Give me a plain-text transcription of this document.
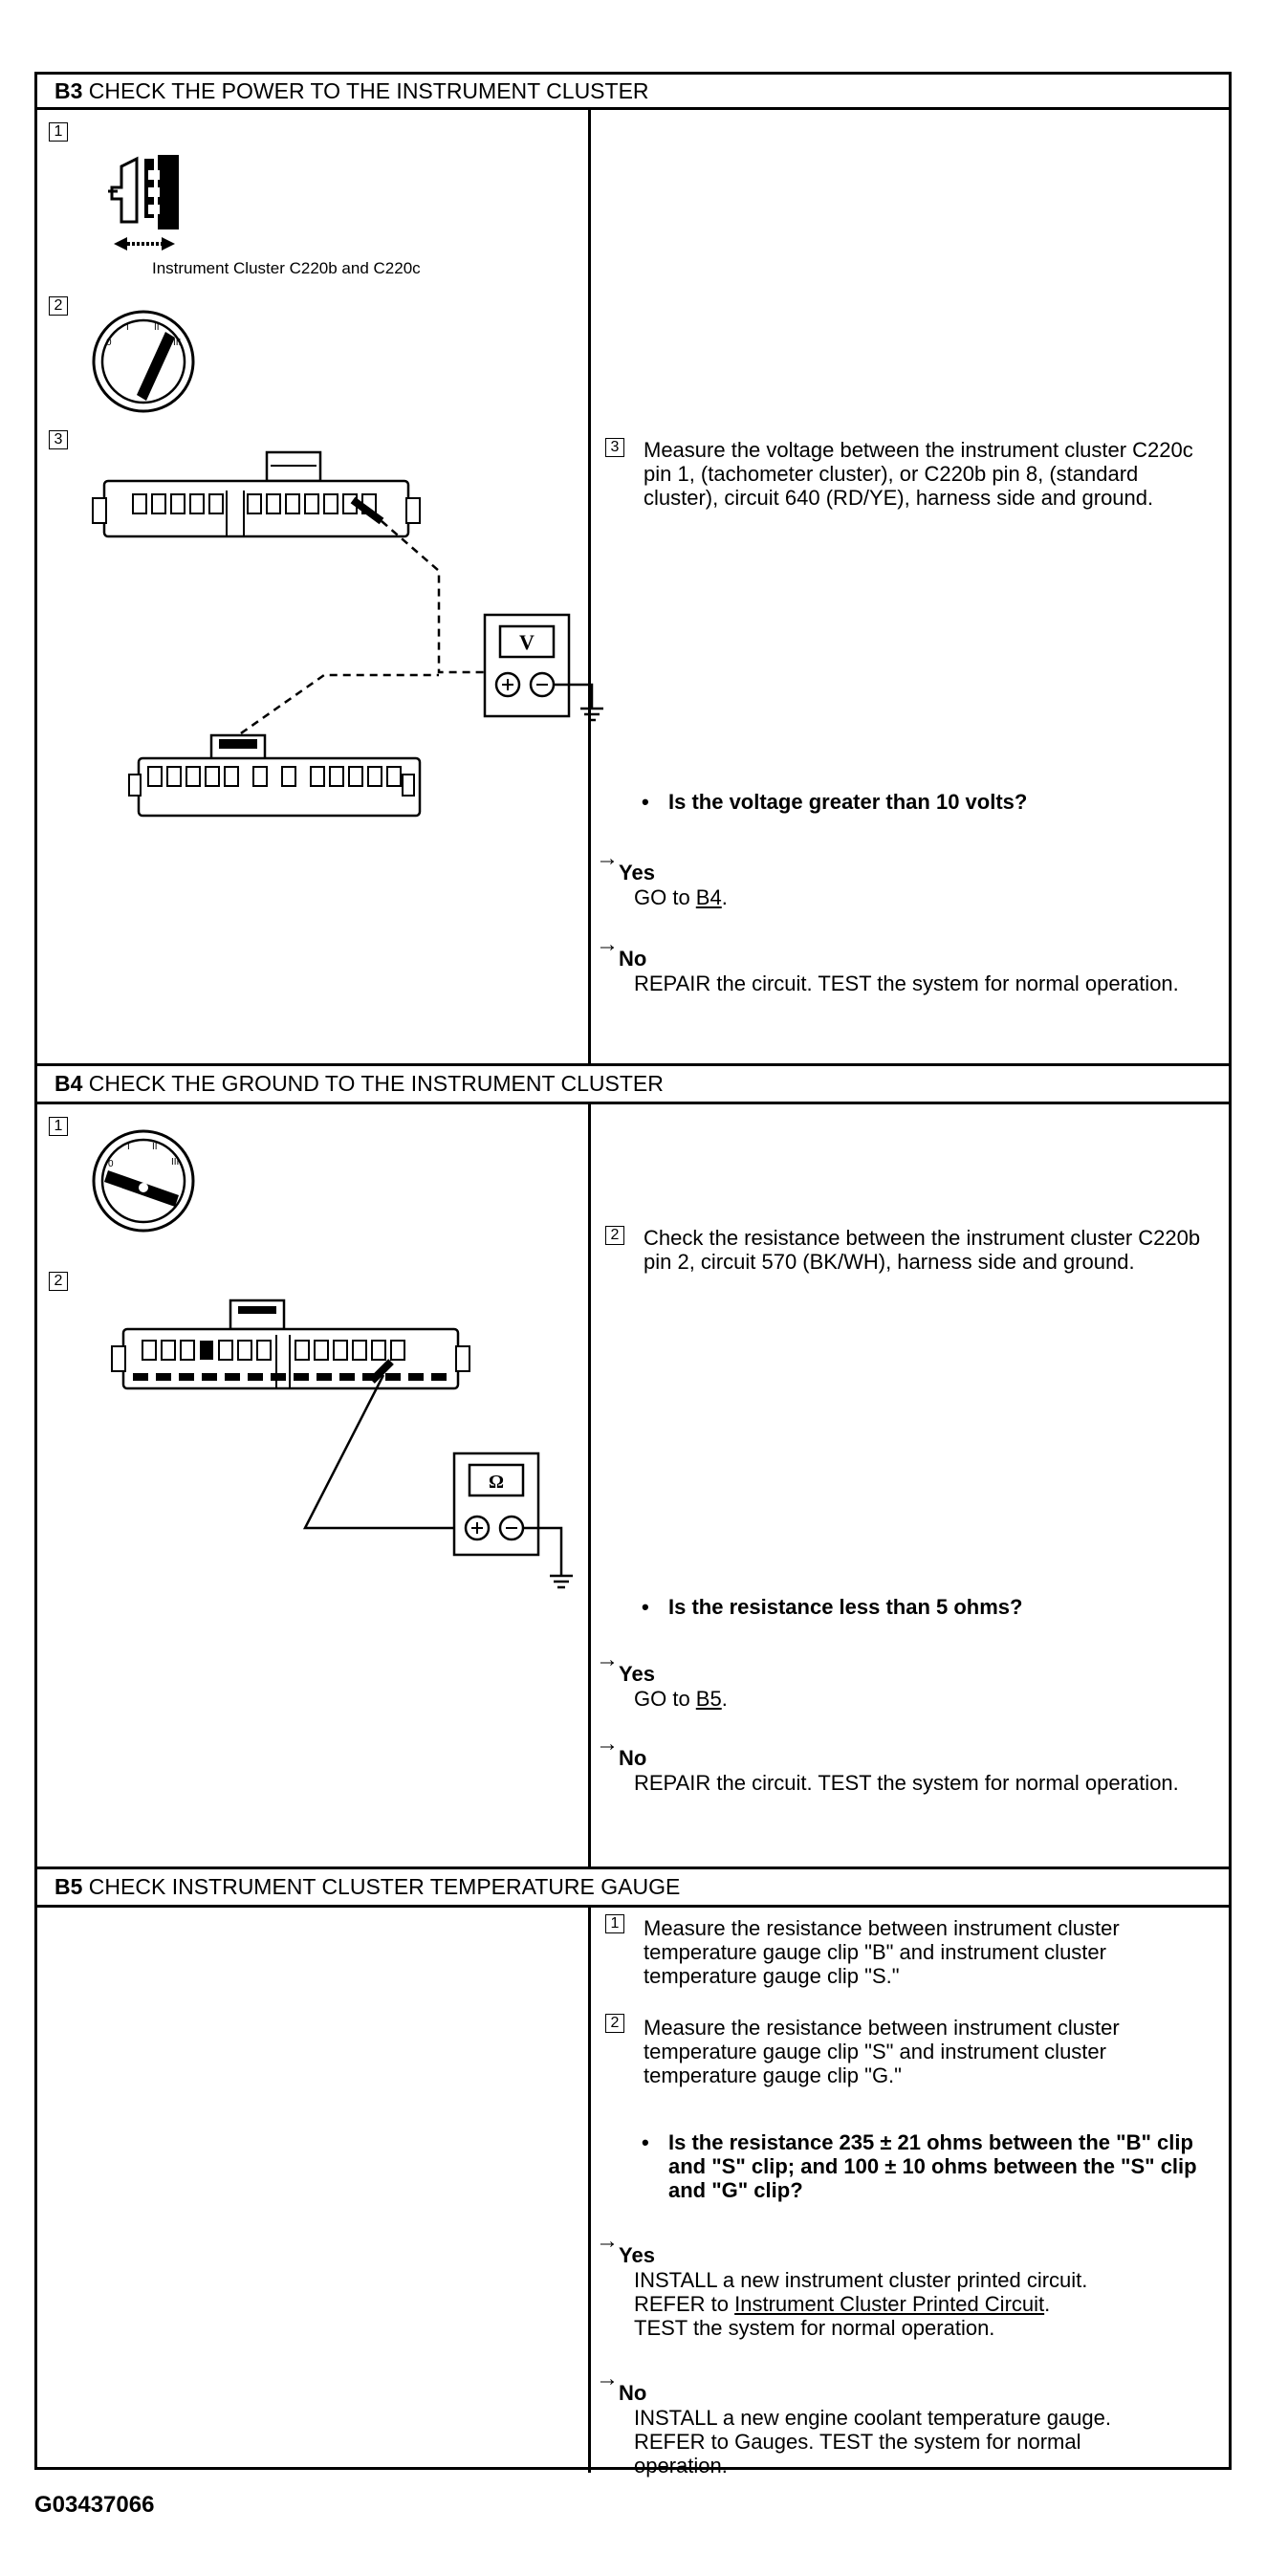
B3 CHECK THE POWER TO THE INSTRUMENT CLUSTER
1
Instrument Cluster C220b and C220c
2
0
I	II
III
3
V
3 Measure the voltage between the instrument cluster C220c pin 1, (tachometer cluster), or C220b pin 8, (standard cluster), circuit 640 (RD/YE), harness side and ground.
• Is the voltage greater than 10 volts?
→
Yes
GO to B4.
→
No
REPAIR the circuit. TEST the system for normal operation.
B4 CHECK THE GROUND TO THE INSTRUMENT CLUSTER
1
0
I II
III
2
Ω
2 Check the resistance between the instrument cluster C220b pin 2, circuit 570 (BK/WH), harness side and ground.
• Is the resistance less than 5 ohms?
→
Yes
GO to B5.
→
No
REPAIR the circuit. TEST the system for normal operation.
B5 CHECK INSTRUMENT CLUSTER TEMPERATURE GAUGE
1 Measure the resistance between instrument cluster temperature gauge clip "B" and instrument cluster temperature gauge clip "S."
2 Measure the resistance between instrument cluster temperature gauge clip "S" and instrument cluster temperature gauge clip "G."
• Is the resistance 235 ± 21 ohms between the "B" clip and "S" clip; and 100 ± 10 ohms between the "S" clip and "G" clip?
→
Yes
INSTALL a new instrument cluster printed circuit.
REFER to Instrument Cluster Printed Circuit.
TEST the system for normal operation.
→
No
INSTALL a new engine coolant temperature gauge. REFER to Gauges. TEST the system for normal operation.
G03437066
